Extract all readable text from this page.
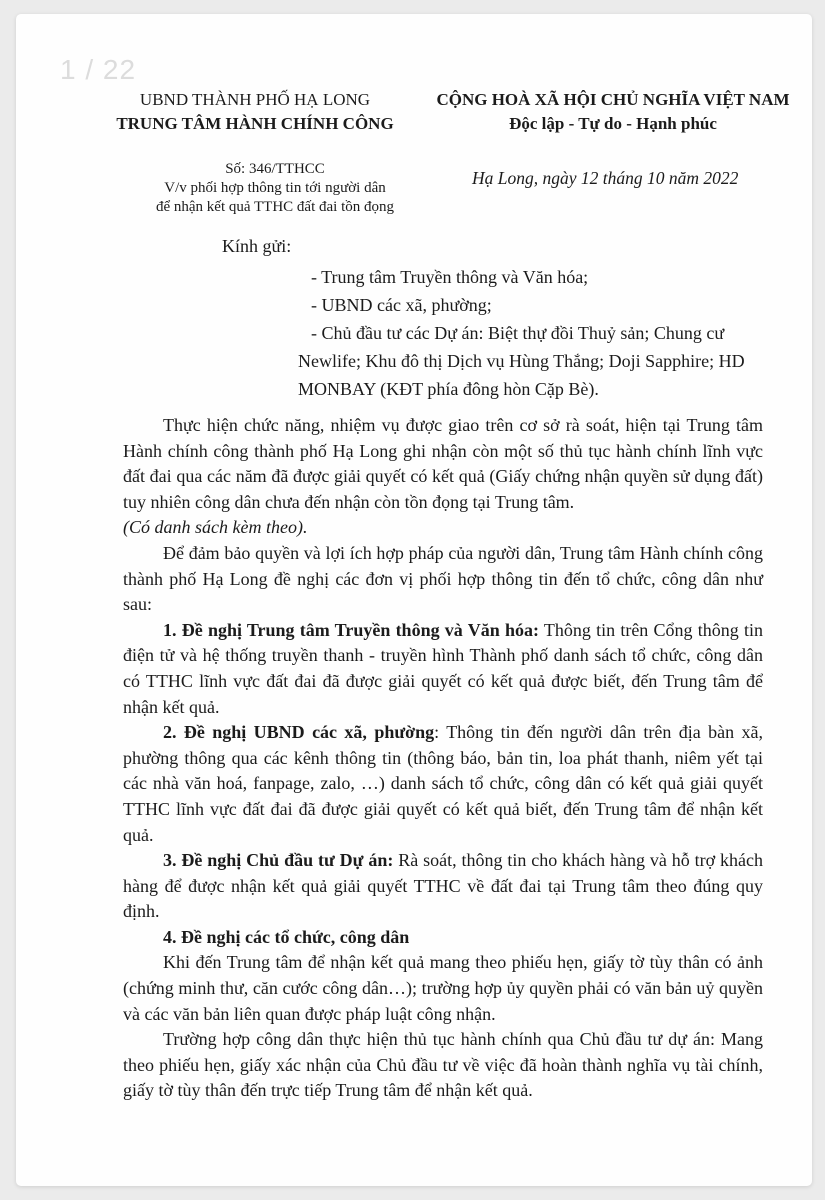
1 / 22
UBND THÀNH PHỐ HẠ LONG
TRUNG TÂM HÀNH CHÍNH CÔNG
CỘNG HOÀ XÃ HỘI CHỦ NGHĨA VIỆT NAM
Độc lập - Tự do - Hạnh phúc
Số: 346/TTHCC
V/v phối hợp thông tin tới người dân
để nhận kết quả TTHC đất đai tồn đọng
Hạ Long, ngày 12 tháng 10 năm 2022
Kính gửi:
- Trung tâm Truyền thông và Văn hóa;
- UBND các xã, phường;
- Chủ đầu tư các Dự án: Biệt thự đồi Thuỷ sản; Chung cư Newlife; Khu đô thị Dịch vụ Hùng Thắng; Doji Sapphire; HD MONBAY (KĐT phía đông hòn Cặp Bè).

Thực hiện chức năng, nhiệm vụ được giao trên cơ sở rà soát, hiện tại Trung tâm Hành chính công thành phố Hạ Long ghi nhận còn một số thủ tục hành chính lĩnh vực đất đai qua các năm đã được giải quyết có kết quả (Giấy chứng nhận quyền sử dụng đất) tuy nhiên công dân chưa đến nhận còn tồn đọng tại Trung tâm.

(Có danh sách kèm theo).

Để đảm bảo quyền và lợi ích hợp pháp của người dân, Trung tâm Hành chính công thành phố Hạ Long đề nghị các đơn vị phối hợp thông tin đến tổ chức, công dân như sau:

1. Đề nghị Trung tâm Truyền thông và Văn hóa: Thông tin trên Cổng thông tin điện tử và hệ thống truyền thanh - truyền hình Thành phố danh sách tổ chức, công dân có TTHC lĩnh vực đất đai đã được giải quyết có kết quả được biết, đến Trung tâm để nhận kết quả.

2. Đề nghị UBND các xã, phường: Thông tin đến người dân trên địa bàn xã, phường thông qua các kênh thông tin (thông báo, bản tin, loa phát thanh, niêm yết tại các nhà văn hoá, fanpage, zalo, …) danh sách tổ chức, công dân có kết quả giải quyết TTHC lĩnh vực đất đai đã được giải quyết có kết quả biết, đến Trung tâm để nhận kết quả.

3. Đề nghị Chủ đầu tư Dự án: Rà soát, thông tin cho khách hàng và hỗ trợ khách hàng để được nhận kết quả giải quyết TTHC về đất đai tại Trung tâm theo đúng quy định.

4. Đề nghị các tổ chức, công dân

Khi đến Trung tâm để nhận kết quả mang theo phiếu hẹn, giấy tờ tùy thân có ảnh (chứng minh thư, căn cước công dân…); trường hợp ủy quyền phải có văn bản uỷ quyền và các văn bản liên quan được pháp luật công nhận.

Trường hợp công dân thực hiện thủ tục hành chính qua Chủ đầu tư dự án: Mang theo phiếu hẹn, giấy xác nhận của Chủ đầu tư về việc đã hoàn thành nghĩa vụ tài chính, giấy tờ tùy thân đến trực tiếp Trung tâm để nhận kết quả.
